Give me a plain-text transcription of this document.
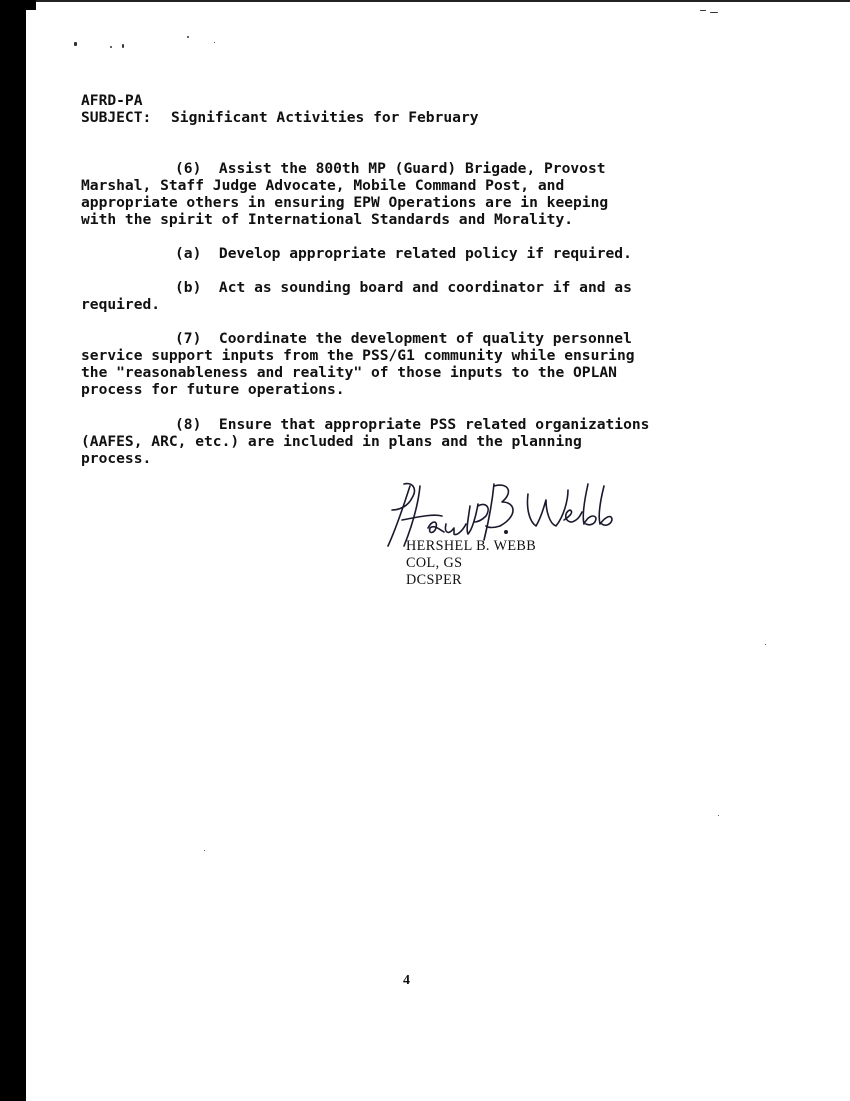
AFRD-PA
SUBJECT: Significant Activities for February
(6)  Assist the 800th MP (Guard) Brigade, Provost
Marshal, Staff Judge Advocate, Mobile Command Post, and
appropriate others in ensuring EPW Operations are in keeping
with the spirit of International Standards and Morality.
(a)  Develop appropriate related policy if required.
(b)  Act as sounding board and coordinator if and as
required.
(7)  Coordinate the development of quality personnel
service support inputs from the PSS/G1 community while ensuring
the "reasonableness and reality" of those inputs to the OPLAN
process for future operations.
(8)  Ensure that appropriate PSS related organizations
(AAFES, ARC, etc.) are included in plans and the planning
process.
HERSHEL B. WEBB
COL, GS
DCSPER
4
